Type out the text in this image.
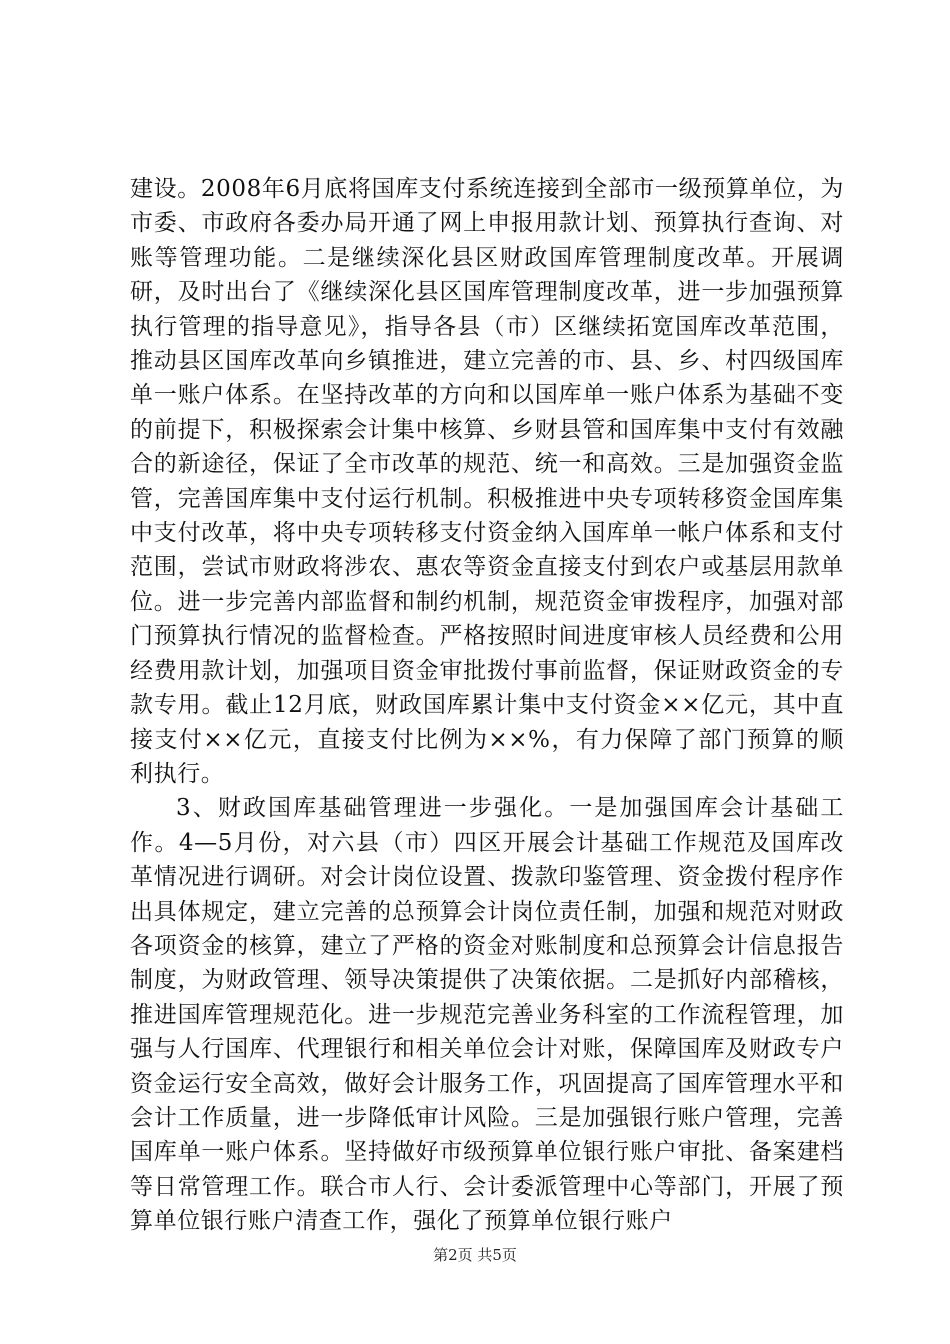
建设。2008年6月底将国库支付系统连接到全部市一级预算单位，为市委、市政府各委办局开通了网上申报用款计划、预算执行查询、对账等管理功能。二是继续深化县区财政国库管理制度改革。开展调研，及时出台了《继续深化县区国库管理制度改革，进一步加强预算执行管理的指导意见》，指导各县（市）区继续拓宽国库改革范围，推动县区国库改革向乡镇推进，建立完善的市、县、乡、村四级国库单一账户体系。在坚持改革的方向和以国库单一账户体系为基础不变的前提下，积极探索会计集中核算、乡财县管和国库集中支付有效融合的新途径，保证了全市改革的规范、统一和高效。三是加强资金监管，完善国库集中支付运行机制。积极推进中央专项转移资金国库集中支付改革，将中央专项转移支付资金纳入国库单一帐户体系和支付范围，尝试市财政将涉农、惠农等资金直接支付到农户或基层用款单位。进一步完善内部监督和制约机制，规范资金审拨程序，加强对部门预算执行情况的监督检查。严格按照时间进度审核人员经费和公用经费用款计划，加强项目资金审批拨付事前监督，保证财政资金的专款专用。截止12月底，财政国库累计集中支付资金××亿元，其中直接支付××亿元，直接支付比例为××%，有力保障了部门预算的顺利执行。

3、财政国库基础管理进一步强化。一是加强国库会计基础工作。4—5月份，对六县（市）四区开展会计基础工作规范及国库改革情况进行调研。对会计岗位设置、拨款印鉴管理、资金拨付程序作出具体规定，建立完善的总预算会计岗位责任制，加强和规范对财政各项资金的核算，建立了严格的资金对账制度和总预算会计信息报告制度，为财政管理、领导决策提供了决策依据。二是抓好内部稽核，推进国库管理规范化。进一步规范完善业务科室的工作流程管理，加强与人行国库、代理银行和相关单位会计对账，保障国库及财政专户资金运行安全高效，做好会计服务工作，巩固提高了国库管理水平和会计工作质量，进一步降低审计风险。三是加强银行账户管理，完善国库单一账户体系。坚持做好市级预算单位银行账户审批、备案建档等日常管理工作。联合市人行、会计委派管理中心等部门，开展了预算单位银行账户清查工作，强化了预算单位银行账户

第2页 共5页
